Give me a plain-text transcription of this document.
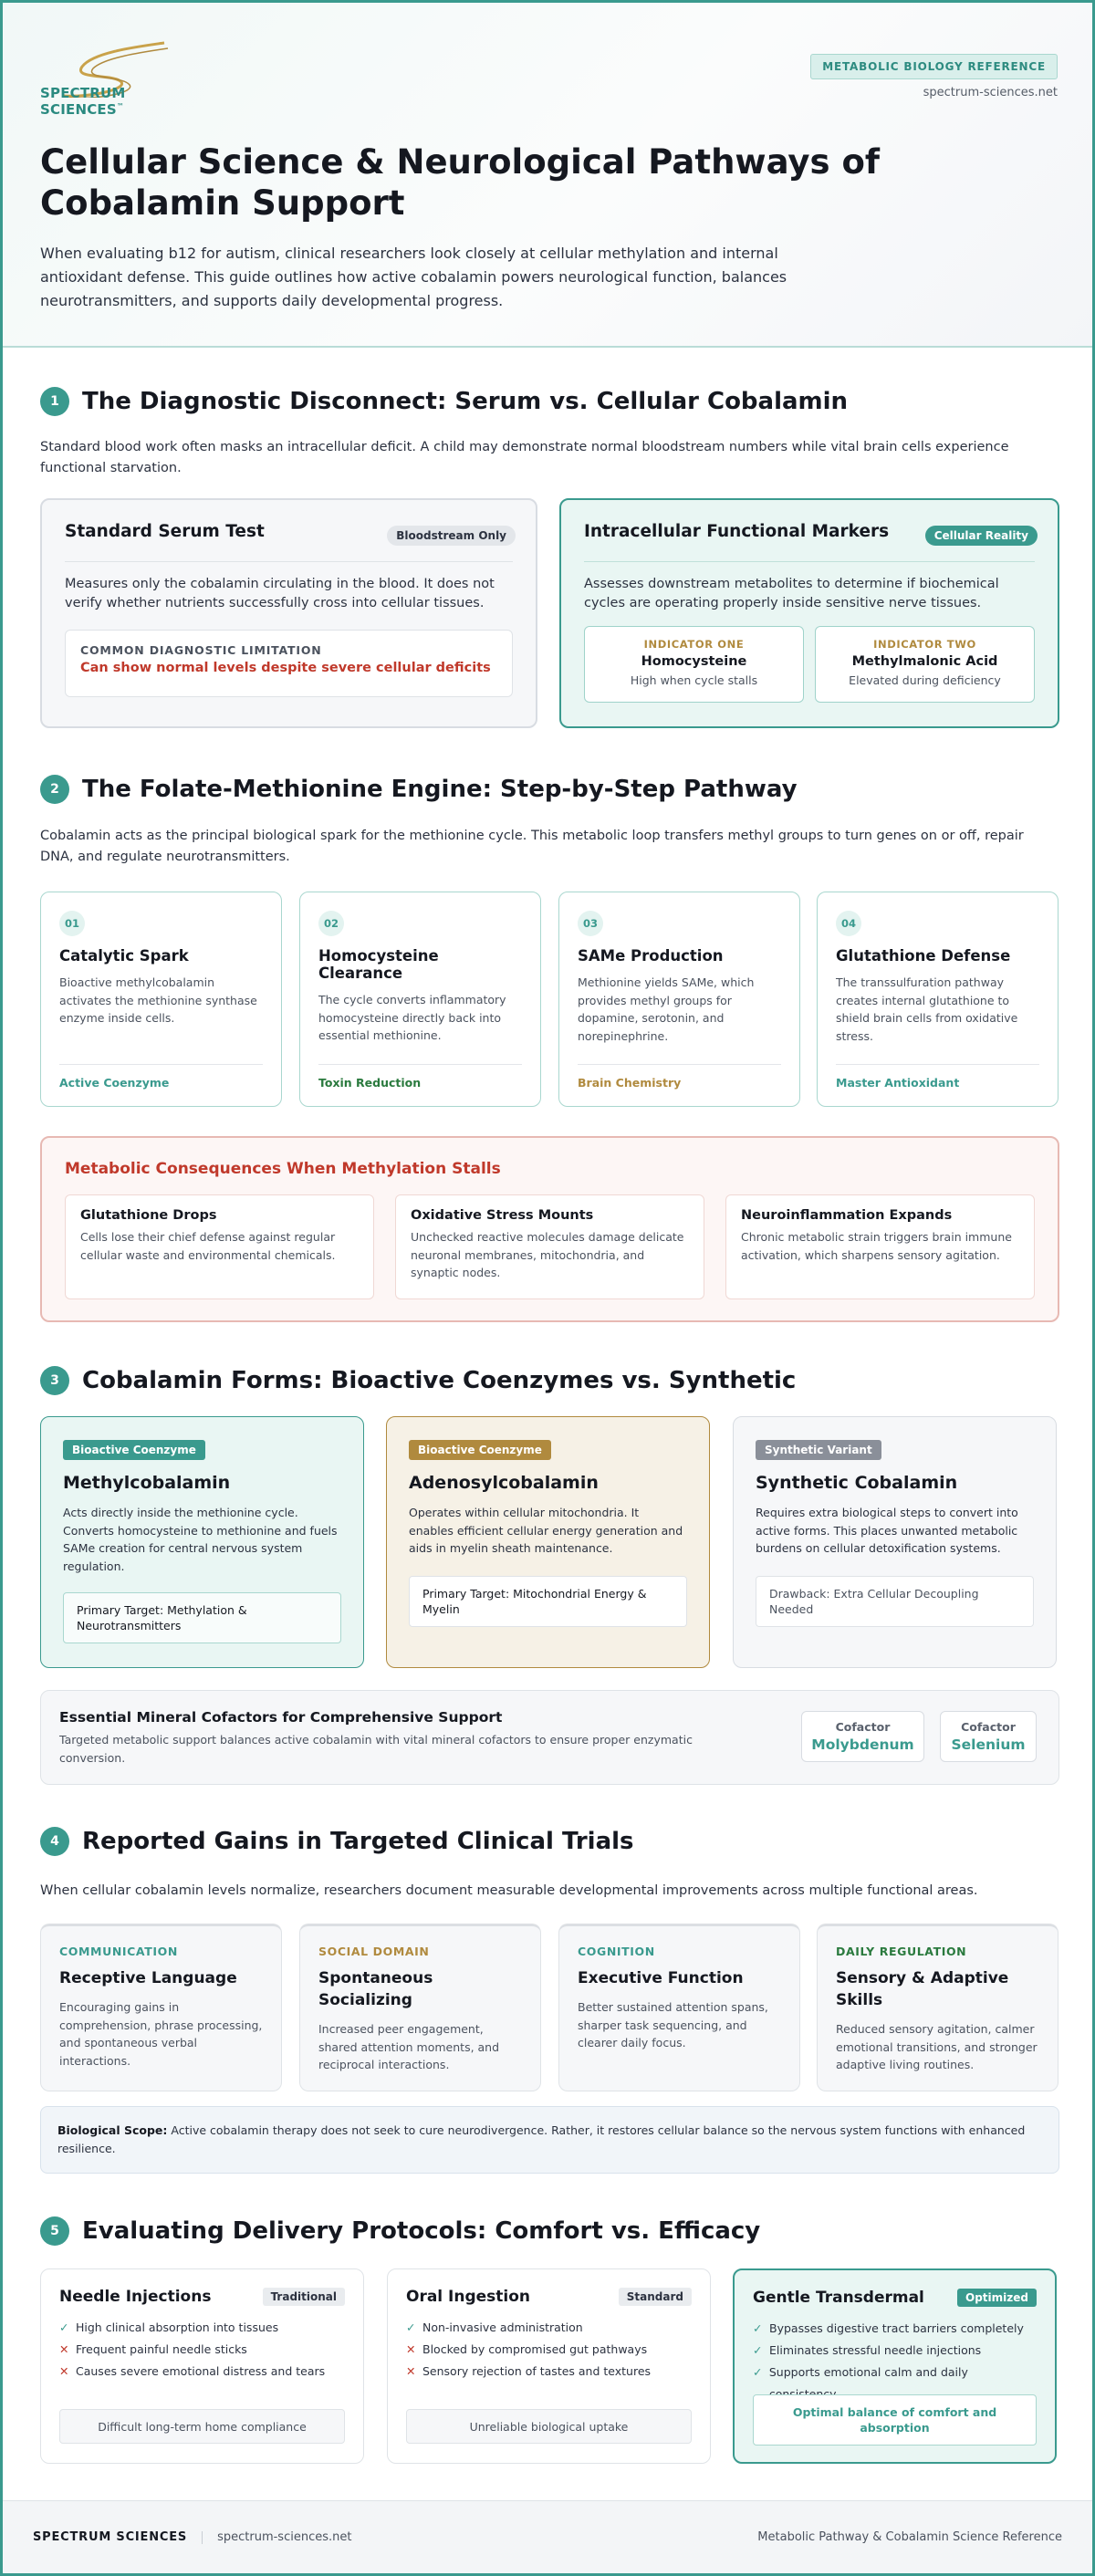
SPECTRUM SCIENCES™
METABOLIC BIOLOGY REFERENCE
spectrum-sciences.net
Cellular Science & Neurological Pathways of Cobalamin Support

When evaluating b12 for autism, clinical researchers look closely at cellular methylation and internal antioxidant defense. This guide outlines how active cobalamin powers neurological function, balances neurotransmitters, and supports daily developmental progress.

1 The Diagnostic Disconnect: Serum vs. Cellular Cobalamin

Standard blood work often masks an intracellular deficit. A child may demonstrate normal bloodstream numbers while vital brain cells experience functional starvation.

Standard Serum Test	Bloodstream Only

Measures only the cobalamin circulating in the blood. It does not verify whether nutrients successfully cross into cellular tissues.

COMMON DIAGNOSTIC LIMITATION
Can show normal levels despite severe cellular deficits
Intracellular Functional Markers	Cellular Reality

Assesses downstream metabolites to determine if biochemical cycles are operating properly inside sensitive nerve tissues.

INDICATOR ONE
Homocysteine
High when cycle stalls
INDICATOR TWO
Methylmalonic Acid
Elevated during deficiency
2 The Folate-Methionine Engine: Step-by-Step Pathway

Cobalamin acts as the principal biological spark for the methionine cycle. This metabolic loop transfers methyl groups to turn genes on or off, repair DNA, and regulate neurotransmitters.

01
Catalytic Spark

Bioactive methylcobalamin activates the methionine synthase enzyme inside cells.

Active Coenzyme
02
Homocysteine Clearance

The cycle converts inflammatory homocysteine directly back into essential methionine.

Toxin Reduction
03
SAMe Production

Methionine yields SAMe, which provides methyl groups for dopamine, serotonin, and norepinephrine.

Brain Chemistry
04
Glutathione Defense

The transsulfuration pathway creates internal glutathione to shield brain cells from oxidative stress.

Master Antioxidant
Metabolic Consequences When Methylation Stalls
Glutathione Drops

Cells lose their chief defense against regular cellular waste and environmental chemicals.

Oxidative Stress Mounts

Unchecked reactive molecules damage delicate neuronal membranes, mitochondria, and synaptic nodes.

Neuroinflammation Expands

Chronic metabolic strain triggers brain immune activation, which sharpens sensory agitation.

3 Cobalamin Forms: Bioactive Coenzymes vs. Synthetic
Bioactive Coenzyme
Methylcobalamin

Acts directly inside the methionine cycle. Converts homocysteine to methionine and fuels SAMe creation for central nervous system regulation.

Primary Target: Methylation & Neurotransmitters
Bioactive Coenzyme
Adenosylcobalamin

Operates within cellular mitochondria. It enables efficient cellular energy generation and aids in myelin sheath maintenance.

Primary Target: Mitochondrial Energy & Myelin
Synthetic Variant
Synthetic Cobalamin

Requires extra biological steps to convert into active forms. This places unwanted metabolic burdens on cellular detoxification systems.

Drawback: Extra Cellular Decoupling Needed
Essential Mineral Cofactors for Comprehensive Support

Targeted metabolic support balances active cobalamin with vital mineral cofactors to ensure proper enzymatic conversion.

Cofactor
Molybdenum
Cofactor
Selenium
4 Reported Gains in Targeted Clinical Trials

When cellular cobalamin levels normalize, researchers document measurable developmental improvements across multiple functional areas.

COMMUNICATION
Receptive Language

Encouraging gains in comprehension, phrase processing, and spontaneous verbal interactions.

SOCIAL DOMAIN
Spontaneous Socializing

Increased peer engagement, shared attention moments, and reciprocal interactions.

COGNITION
Executive Function

Better sustained attention spans, sharper task sequencing, and clearer daily focus.

DAILY REGULATION
Sensory & Adaptive Skills

Reduced sensory agitation, calmer emotional transitions, and stronger adaptive living routines.

Biological Scope: Active cobalamin therapy does not seek to cure neurodivergence. Rather, it restores cellular balance so the nervous system functions with enhanced resilience.
5 Evaluating Delivery Protocols: Comfort vs. Efficacy
Needle Injections	Traditional
✓ High clinical absorption into tissues
✕ Frequent painful needle sticks
✕ Causes severe emotional distress and tears
Difficult long-term home compliance
Oral Ingestion	Standard
✓ Non-invasive administration
✕ Blocked by compromised gut pathways
✕ Sensory rejection of tastes and textures
Unreliable biological uptake
Gentle Transdermal	Optimized
✓ Bypasses digestive tract barriers completely
✓ Eliminates stressful needle injections
✓ Supports emotional calm and daily
Optimal balance of comfort and absorption
SPECTRUM SCIENCES	spectrum-sciences.net	Metabolic Pathway & Cobalamin Science Reference
